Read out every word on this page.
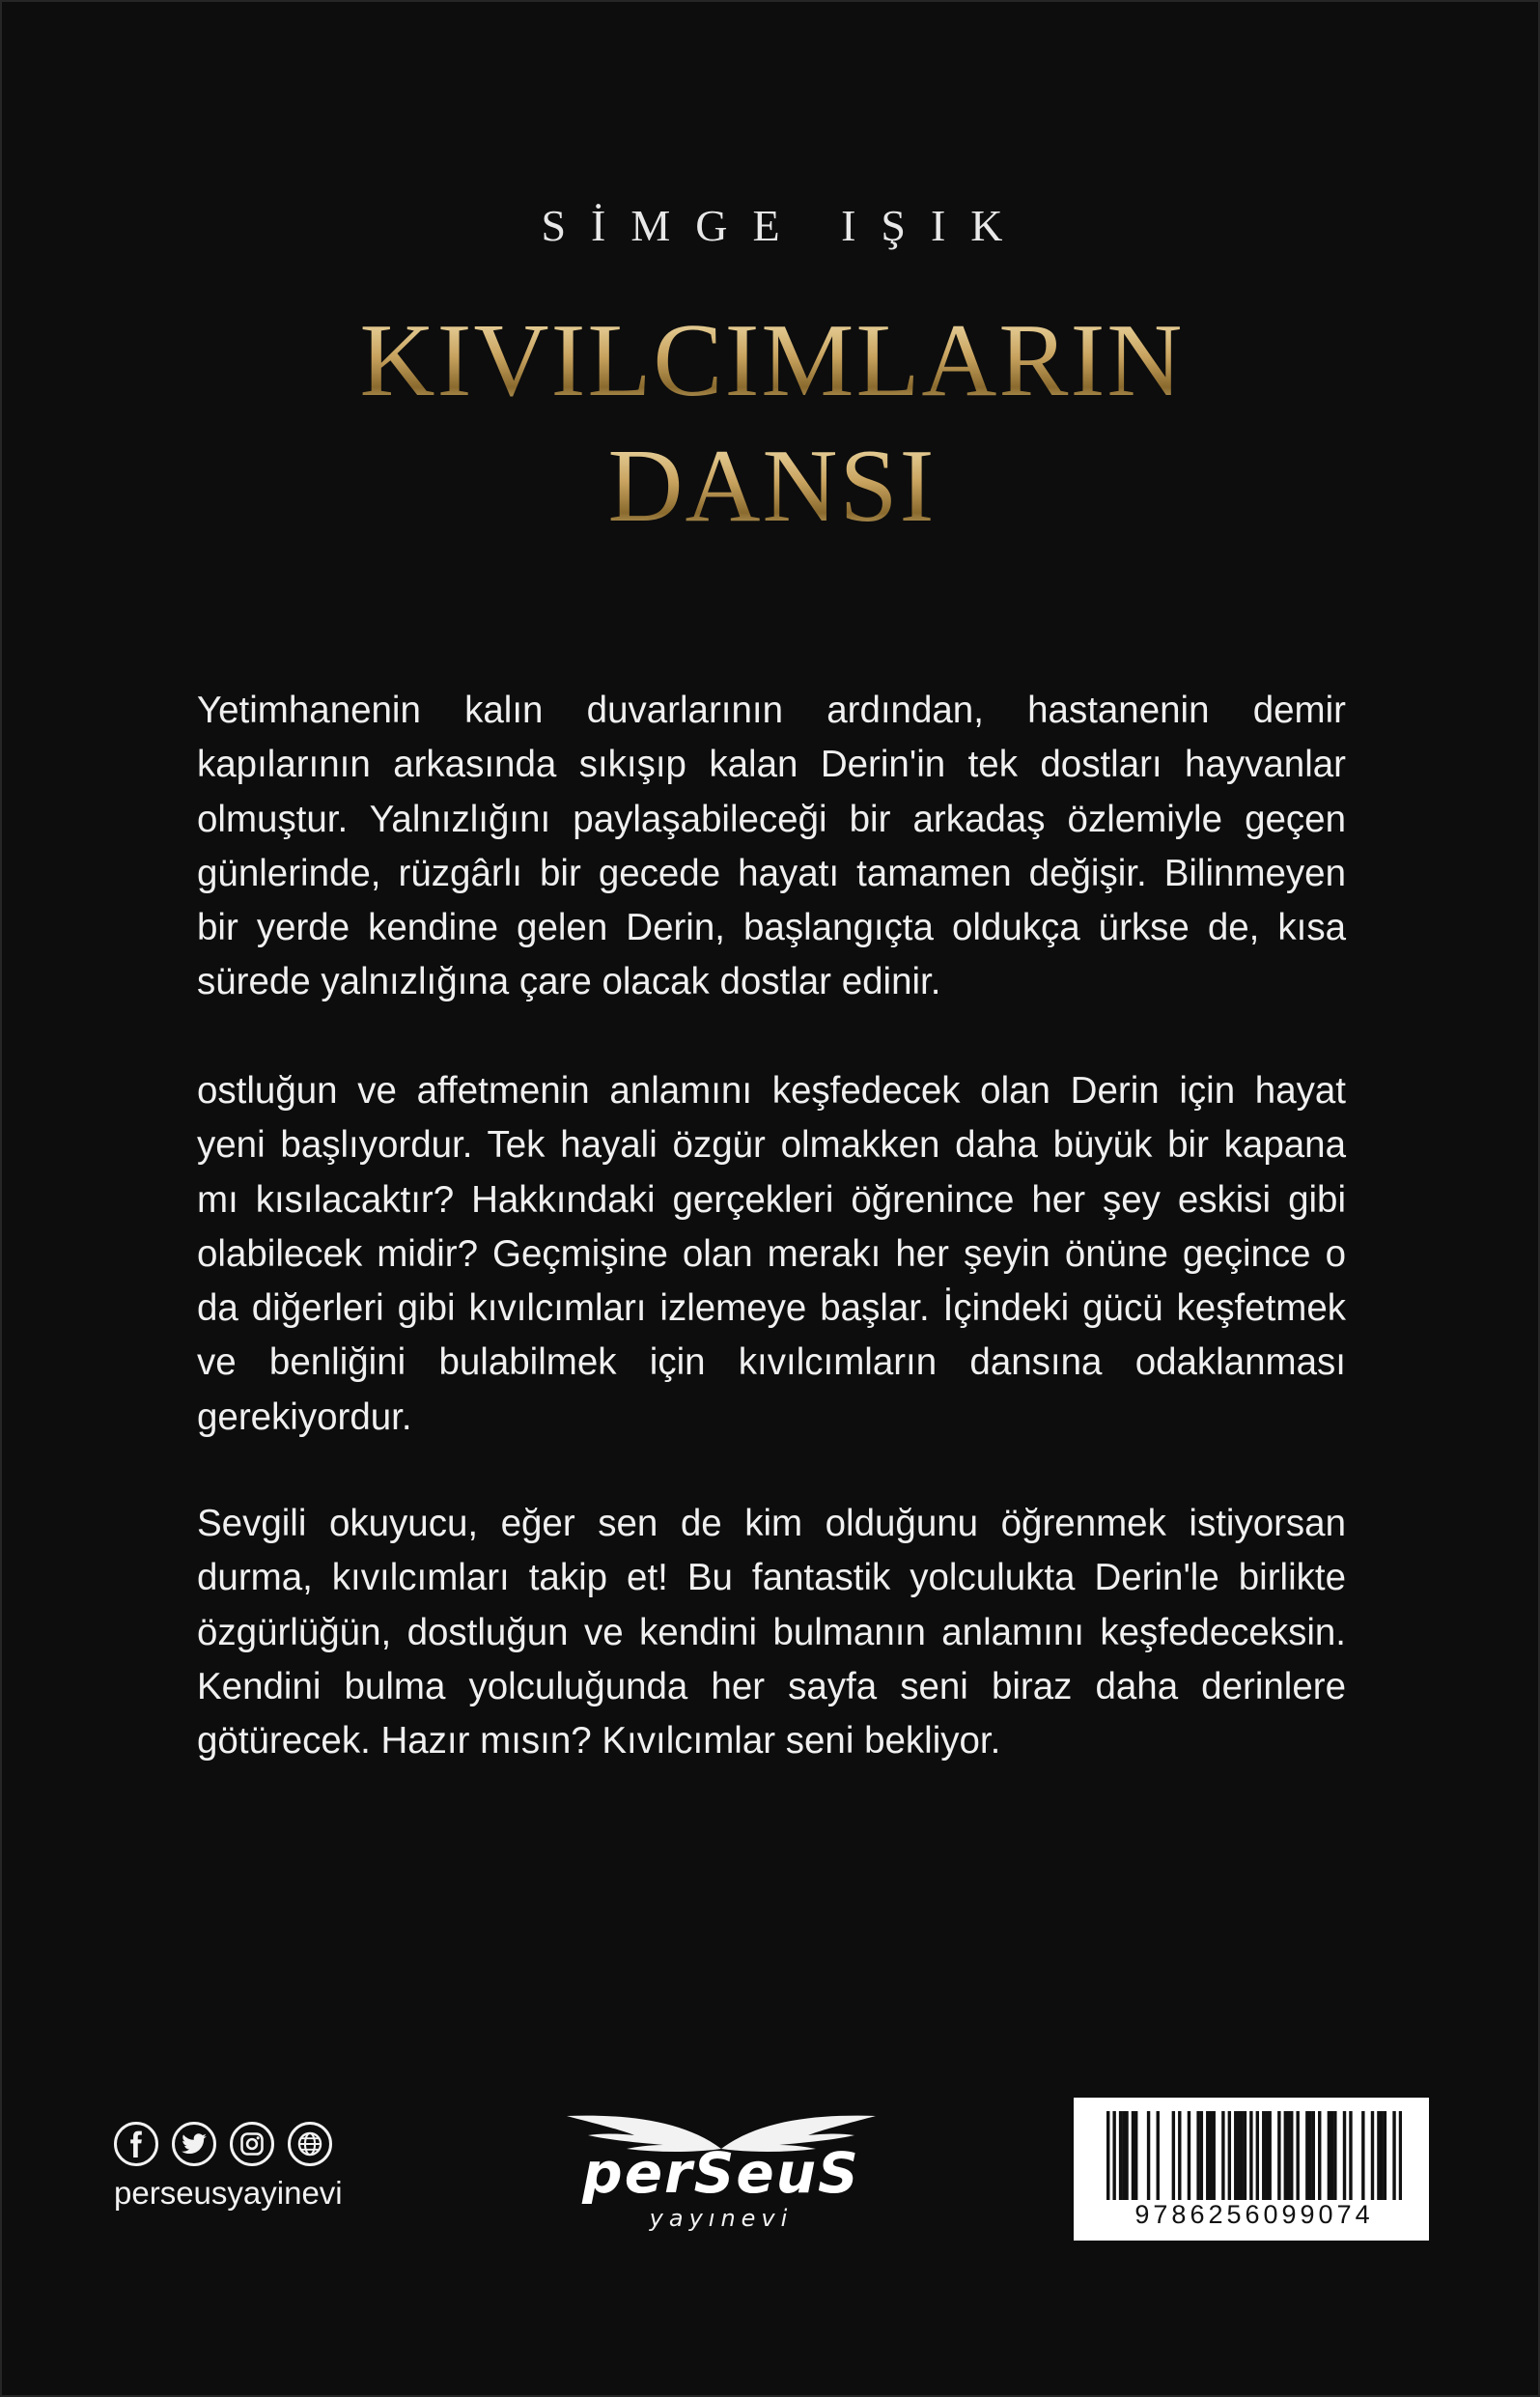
SİMGE IŞIK
KIVILCIMLARIN
DANSI

Yetimhanenin kalın duvarlarının ardından, hastanenin demir kapılarının arkasında sıkışıp kalan Derin'in tek dostları hayvanlar olmuştur. Yalnızlığını paylaşabileceği bir arkadaş özlemiyle geçen günlerinde, rüzgârlı bir gecede hayatı tamamen değişir. Bilinmeyen bir yerde kendine gelen Derin, başlangıçta oldukça ürkse de, kısa sürede yalnızlığına çare olacak dostlar edinir.

ostluğun ve affetmenin anlamını keşfedecek olan Derin için hayat yeni başlıyordur. Tek hayali özgür olmakken daha büyük bir kapana mı kısılacaktır? Hakkındaki gerçekleri öğrenince her şey eskisi gibi olabilecek midir? Geçmişine olan merakı her şeyin önüne geçince o da diğerleri gibi kıvılcımları izlemeye başlar. İçindeki gücü keşfetmek ve benliğini bulabilmek için kıvılcımların dansına odaklanması gerekiyordur.

Sevgili okuyucu, eğer sen de kim olduğunu öğrenmek istiyorsan durma, kıvılcımları takip et! Bu fantastik yolculukta Derin'le birlikte özgürlüğün, dostluğun ve kendini bulmanın anlamını keşfedeceksin. Kendini bulma yolculuğunda her sayfa seni biraz daha derinlere götürecek. Hazır mısın? Kıvılcımlar seni bekliyor.

perseusyayinevi	perSeuS
yayınevi	9786256099074
